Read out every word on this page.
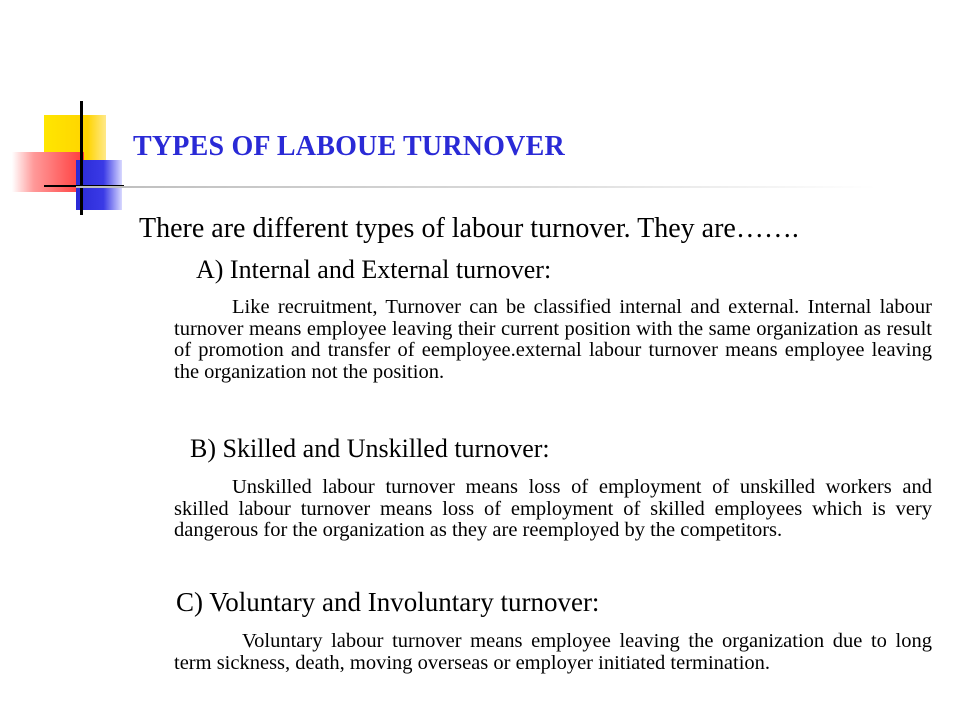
TYPES OF LABOUE TURNOVER
There are different types of labour turnover. They are…….
A) Internal and External turnover:
Like recruitment, Turnover can be classified internal and external. Internal labour turnover means employee leaving their current position with the same organization as result of promotion and transfer of eemployee.external labour turnover means employee leaving the organization not the position.
B) Skilled and Unskilled turnover:
Unskilled labour turnover means loss of employment of unskilled workers and skilled labour turnover means loss of employment of skilled employees which is very dangerous for the organization as they are reemployed by the competitors.
C) Voluntary and Involuntary turnover:
Voluntary labour turnover means employee leaving the organization due to long term sickness, death, moving overseas or employer initiated termination.
